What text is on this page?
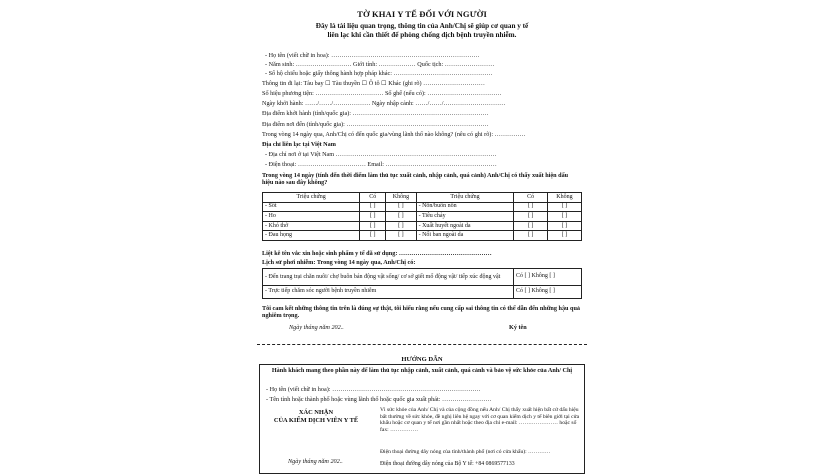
TỜ KHAI Y TẾ ĐỐI VỚI NGƯỜI
Đây là tài liệu quan trọng, thông tin của Anh/Chị sẽ giúp cơ quan y tế
liên lạc khi cần thiết để phòng chống dịch bệnh truyền nhiễm.
- Họ tên (viết chữ in hoa): ………………………………………………………………
- Năm sinh: ……………………… Giới tính: ……………… Quốc tịch: ……………………
- Số hộ chiếu hoặc giấy thông hành hợp pháp khác: …………………………………………
Thông tin đi lại: Tàu bay ☐ Tàu thuyền ☐ Ô tô ☐ Khác (ghi rõ) …………………………
Số hiệu phương tiện: …………………………… Số ghế (nếu có): ………………………………
Ngày khởi hành: ……/……/……………… Ngày nhập cảnh: ……/……/…………………………
Địa điểm khởi hành (tỉnh/quốc gia): …………………………………………………………
Địa điểm nơi đến (tỉnh/quốc gia): ……………………………………………………………
Trong vòng 14 ngày qua, Anh/Chị có đến quốc gia/vùng lãnh thổ nào không? (nêu có ghi rõ): ……………
Địa chỉ liên lạc tại Việt Nam
- Địa chỉ nơi ở tại Việt Nam ……………………………………………………………………
- Điện thoại: …………………………… Email: ………………………………………………
Trong vòng 14 ngày (tính đến thời điểm làm thủ tục xuất cảnh, nhập cảnh, quá cảnh) Anh/Chị có thấy xuất hiện dấu hiệu nào sau đây không?
Triệu chứng	Có	Không	Triệu chứng	Có	Không
- Sốt	[ ]	[ ]	- Nôn/buồn nôn	[ ]	[ ]
- Ho	[ ]	[ ]	- Tiêu chảy	[ ]	[ ]
- Khó thở	[ ]	[ ]	- Xuất huyết ngoài da	[ ]	[ ]
- Đau họng	[ ]	[ ]	- Nổi ban ngoài da	[ ]	[ ]
Liệt kê tên vắc xin hoặc sinh phẩm y tế đã sử dụng: ………………………………………
Lịch sử phơi nhiễm: Trong vòng 14 ngày qua, Anh/Chị có:
- Đến trang trại chăn nuôi/ chợ buôn bán động vật sống/ cơ sở giết mổ động vật/ tiếp xúc động vật	Có [ ] Không [ ]
- Trực tiếp chăm sóc người bệnh truyền nhiễm	Có [ ] Không [ ]
Tôi cam kết những thông tin trên là đúng sự thật, tôi hiểu rằng nếu cung cấp sai thông tin có thể dẫn đến những hậu quả nghiêm trọng.
Ngày tháng năm 202..	Ký tên
HƯỚNG DẪN
Hành khách mang theo phần này để làm thủ tục nhập cảnh, xuất cảnh, quá cảnh và bảo vệ sức khỏe của Anh/ Chị
- Họ tên (viết chữ in hoa): ………………………………………………………………
- Tên tỉnh hoặc thành phố hoặc vùng lãnh thổ hoặc quốc gia xuất phát: ……………………
XÁC NHẬN
CỦA KIỂM DỊCH VIÊN Y TẾ
Vì sức khỏe của Anh/ Chị và của cộng đồng nếu Anh/ Chị thấy xuất hiện bất cứ dấu hiệu bất thường về sức khỏe, đề nghị liên hệ ngay với cơ quan kiểm dịch y tế biên giới tại cửa khẩu hoặc cơ quan y tế nơi gần nhất hoặc theo địa chỉ e-mail: ………………… hoặc số fax: ……………
Điện thoại đường dây nóng của tỉnh/thành phố (nơi có cửa khẩu): …………
Điện thoại đường dây nóng của Bộ Y tế: +84 0869577133
Ngày tháng năm 202..
